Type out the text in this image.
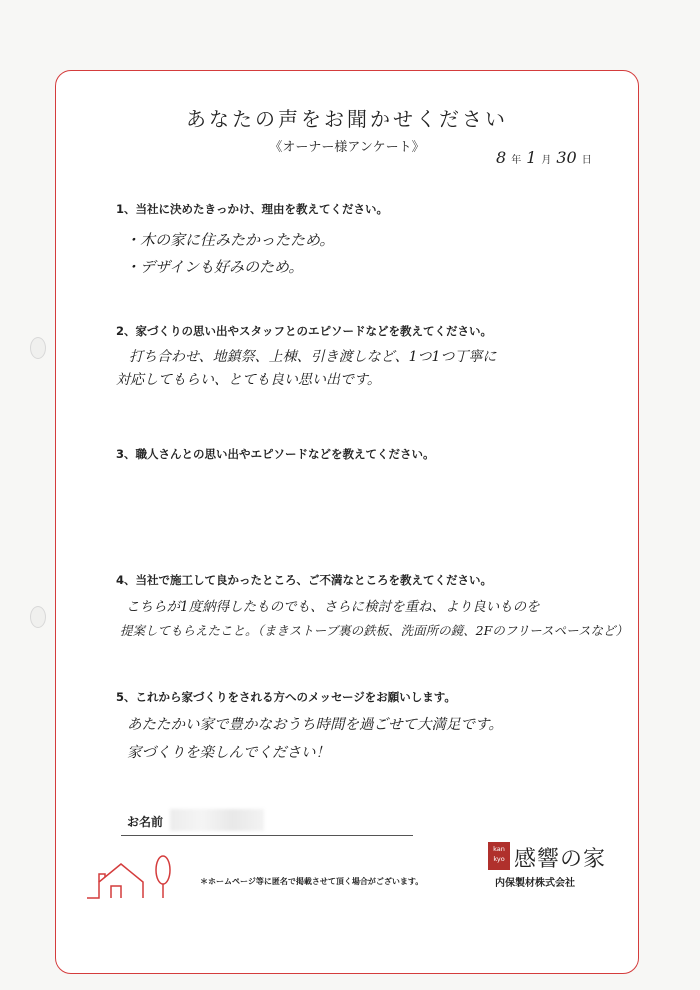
あなたの声をお聞かせください
《オーナー様アンケート》
8 年 1 月 30 日
1、当社に決めたきっかけ、理由を教えてください。
・木の家に住みたかったため。
・デザインも好みのため。
2、家づくりの思い出やスタッフとのエピソードなどを教えてください。
打ち合わせ、地鎮祭、上棟、引き渡しなど、1つ1つ丁寧に
対応してもらい、とても良い思い出です。
3、職人さんとの思い出やエピソードなどを教えてください。
4、当社で施工して良かったところ、ご不満なところを教えてください。
こちらが1度納得したものでも、さらに検討を重ね、より良いものを
提案してもらえたこと。（まきストーブ裏の鉄板、洗面所の鏡、2Fのフリースペースなど）
5、これから家づくりをされる方へのメッセージをお願いします。
あたたかい家で豊かなおうち時間を過ごせて大満足です。
家づくりを楽しんでください！
お名前
＊ホームページ等に匿名で掲載させて頂く場合がございます。
kan kyo 感響の家
内保製材株式会社
